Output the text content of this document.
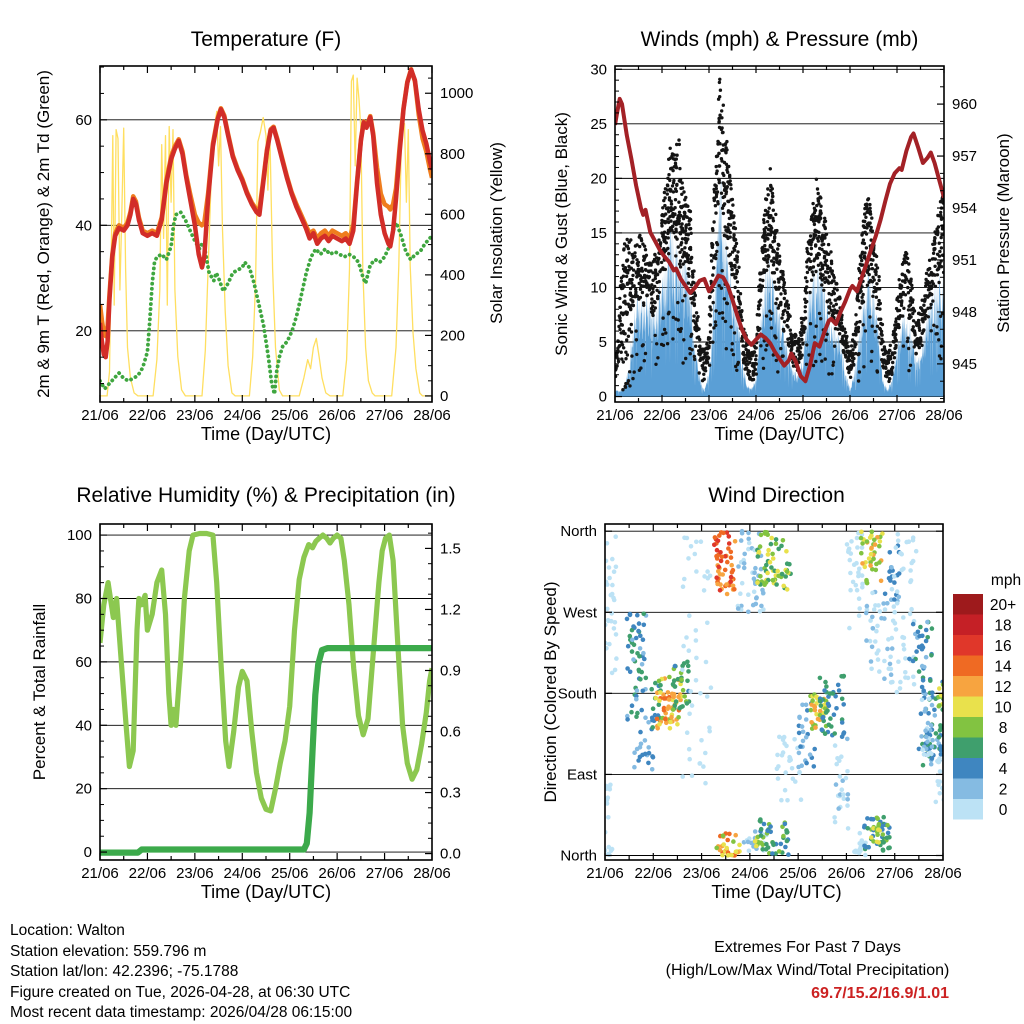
21/06 22/06 23/06 24/06 25/06 26/06 27/06 28/06
20
40
60
0
200
400
600
800
1000
21/06 22/06 23/06 24/06 25/06 26/06 27/06 28/06
0
5
10
15
20
25
30
945
948
951
954
957
960
21/06 22/06 23/06 24/06 25/06 26/06 27/06 28/06
0
20
40
60
80
100
0.0
0.3
0.6
0.9
1.2
1.5
21/06 22/06 23/06 24/06 25/06 26/06 27/06 28/06
North
East
South
West
North
20+
18
16
14
12
10
8
6
4
2
0
Temperature (F)	Winds (mph) & Pressure (mb)
Relative Humidity (%) & Precipitation (in)	Wind Direction
Time (Day/UTC)	Time (Day/UTC)
Time (Day/UTC)	Time (Day/UTC)
2m & 9m T (Red, Orange) & 2m Td (Green)	Solar Insolation (Yellow)	Sonic Wind & Gust (Blue, Black)	Station Pressure (Maroon)
Percent & Total Rainfall	Direction (Colored By Speed)
mph
Location: Walton
Station elevation: 559.796 m
Station lat/lon: 42.2396; -75.1788
Figure created on Tue, 2026-04-28, at 06:30 UTC
Most recent data timestamp: 2026/04/28 06:15:00
Extremes For Past 7 Days
(High/Low/Max Wind/Total Precipitation)
69.7/15.2/16.9/1.01
